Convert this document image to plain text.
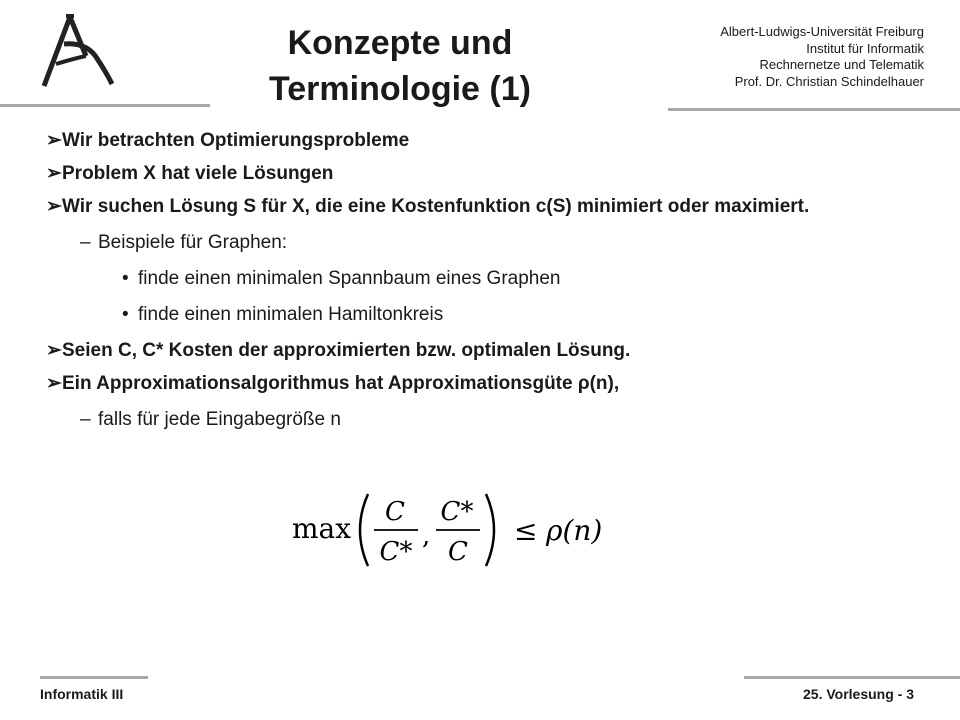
Konzepte und
Terminologie (1)
Albert-Ludwigs-Universität Freiburg
Institut für Informatik
Rechnernetze und Telematik
Prof. Dr. Christian Schindelhauer
➢ Wir betrachten Optimierungsprobleme
➢ Problem X hat viele Lösungen
➢ Wir suchen Lösung S für X, die eine Kostenfunktion c(S) minimiert oder maximiert.
– Beispiele für Graphen:
• finde einen minimalen Spannbaum eines Graphen
• finde einen minimalen Hamiltonkreis
➢ Seien C, C* Kosten der approximierten bzw. optimalen Lösung.
➢ Ein Approximationsalgorithmus hat Approximationsgüte ρ(n),
– falls für jede Eingabegröße n
max C
C*
,
C*
C
≤ ρ(n)
Informatik III	25. Vorlesung - 3
